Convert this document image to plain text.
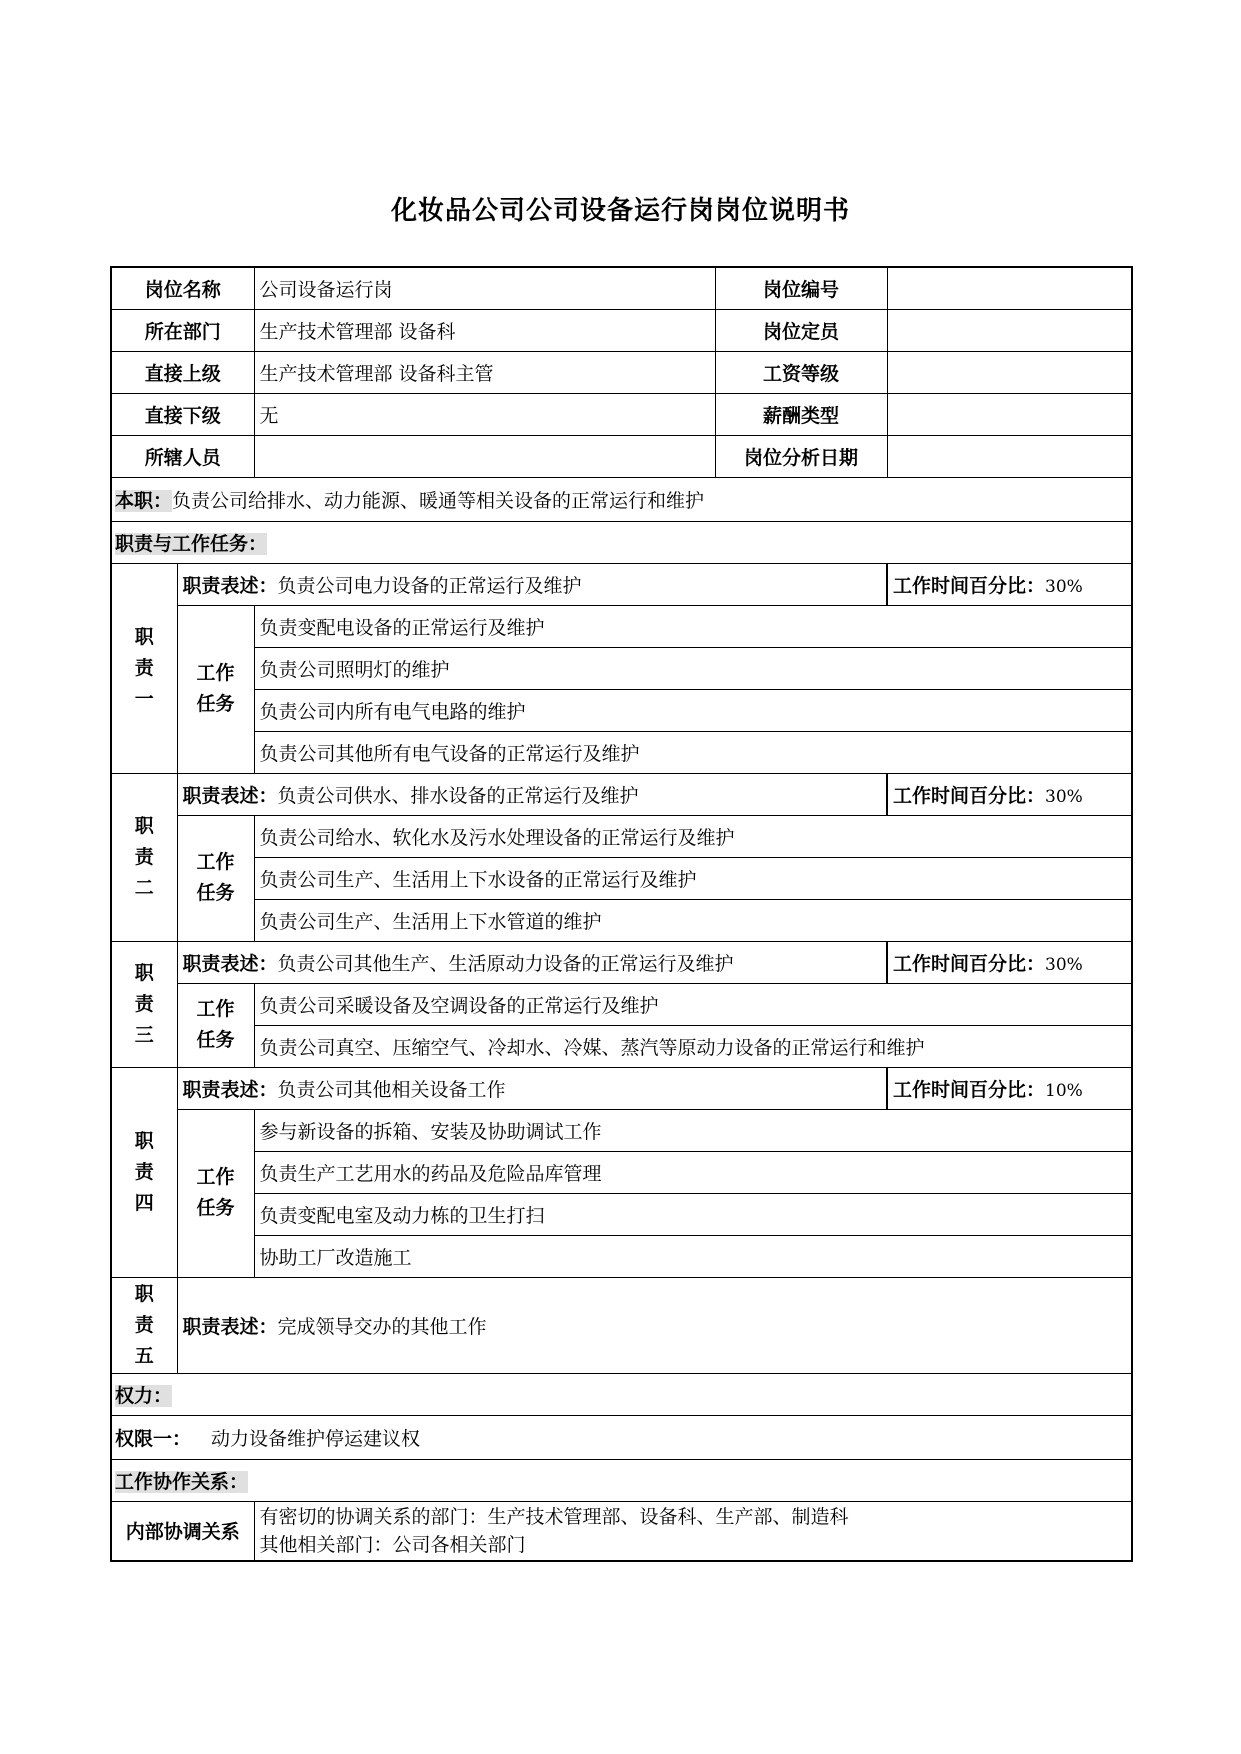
化妆品公司公司设备运行岗岗位说明书
岗位名称		公司设备运行岗	岗位编号	
所在部门		生产技术管理部 设备科	岗位定员	
直接上级		生产技术管理部 设备科主管	工资等级	
直接下级		无	薪酬类型	
所辖人员			岗位分析日期	
本职：负责公司给排水、动力能源、暖通等相关设备的正常运行和维护				
职责与工作任务：				

职
责
一	职责表述：负责公司电力设备的正常运行及维护			工作时间百分比：30%

	工作
任务	负责变配电设备的正常运行及维护		
		负责公司照明灯的维护		
		负责公司内所有电气电路的维护		
		负责公司其他所有电气设备的正常运行及维护		

职
责
二	职责表述：负责公司供水、排水设备的正常运行及维护			工作时间百分比：30%

	工作
任务	负责公司给水、软化水及污水处理设备的正常运行及维护		
		负责公司生产、生活用上下水设备的正常运行及维护		
		负责公司生产、生活用上下水管道的维护		

职
责
三	职责表述：负责公司其他生产、生活原动力设备的正常运行及维护			工作时间百分比：30%

	工作
任务	负责公司采暖设备及空调设备的正常运行及维护		
		负责公司真空、压缩空气、冷却水、冷媒、蒸汽等原动力设备的正常运行和维护		

职
责
四	职责表述：负责公司其他相关设备工作			工作时间百分比：10%

	工作
任务	参与新设备的拆箱、安装及协助调试工作		
		负责生产工艺用水的药品及危险品库管理		
		负责变配电室及动力栋的卫生打扫		
		协助工厂改造施工		

职
责
五	职责表述：完成领导交办的其他工作			
权力：				
权限一： 动力设备维护停运建议权				
工作协作关系：				
内部协调关系		有密切的协调关系的部门：生产技术管理部、设备科、生产部、制造科
其他相关部门：公司各相关部门		
